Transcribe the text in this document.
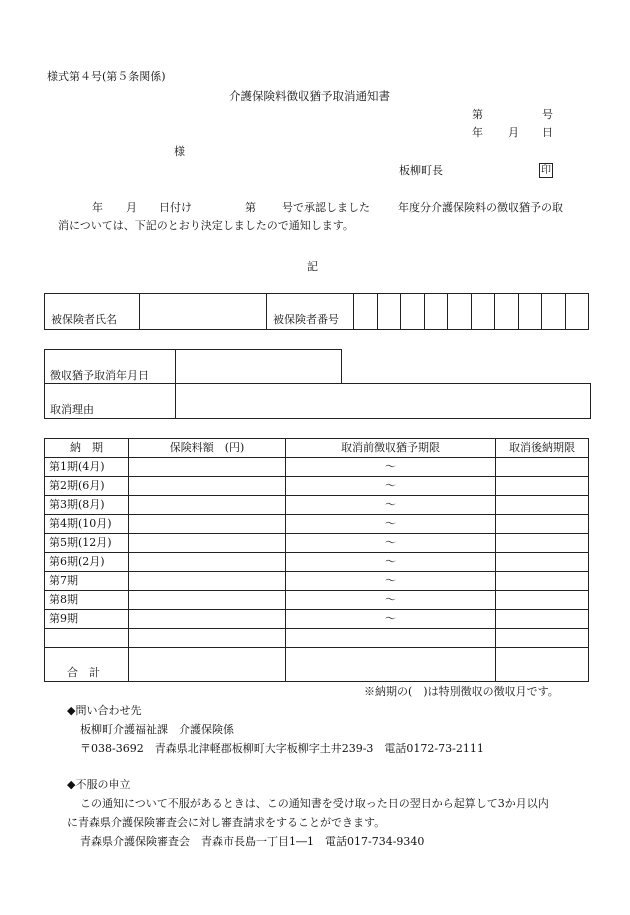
様式第４号(第５条関係)
介護保険料徴収猶予取消通知書
第	号
年 月 日
様
板柳町長	印
年 月 日付け	第 号で承認しました	年度分介護保険料の徴収猶予の取
消については、下記のとおり決定しましたので通知します。
記
被保険者氏名		被保険者番号										
徴収猶予取消年月日
取消理由
納　期	保険料額　(円)	取消前徴収猶予期限	取消後納期限
第1期(4月)		～	
第2期(6月)		～	
第3期(8月)		～	
第4期(10月)		～	
第5期(12月)		～	
第6期(2月)		～	
第7期		～	
第8期		～	
第9期		～	

合　計			
※納期の(　)は特別徴収の徴収月です。
◆問い合わせ先
板柳町介護福祉課　介護保険係
〒038-3692　青森県北津軽郡板柳町大字板柳字土井239-3　電話0172-73-2111
◆不服の申立
この通知について不服があるときは、この通知書を受け取った日の翌日から起算して3か月以内
に青森県介護保険審査会に対し審査請求をすることができます。
青森県介護保険審査会　青森市長島一丁目1―1　電話017-734-9340
